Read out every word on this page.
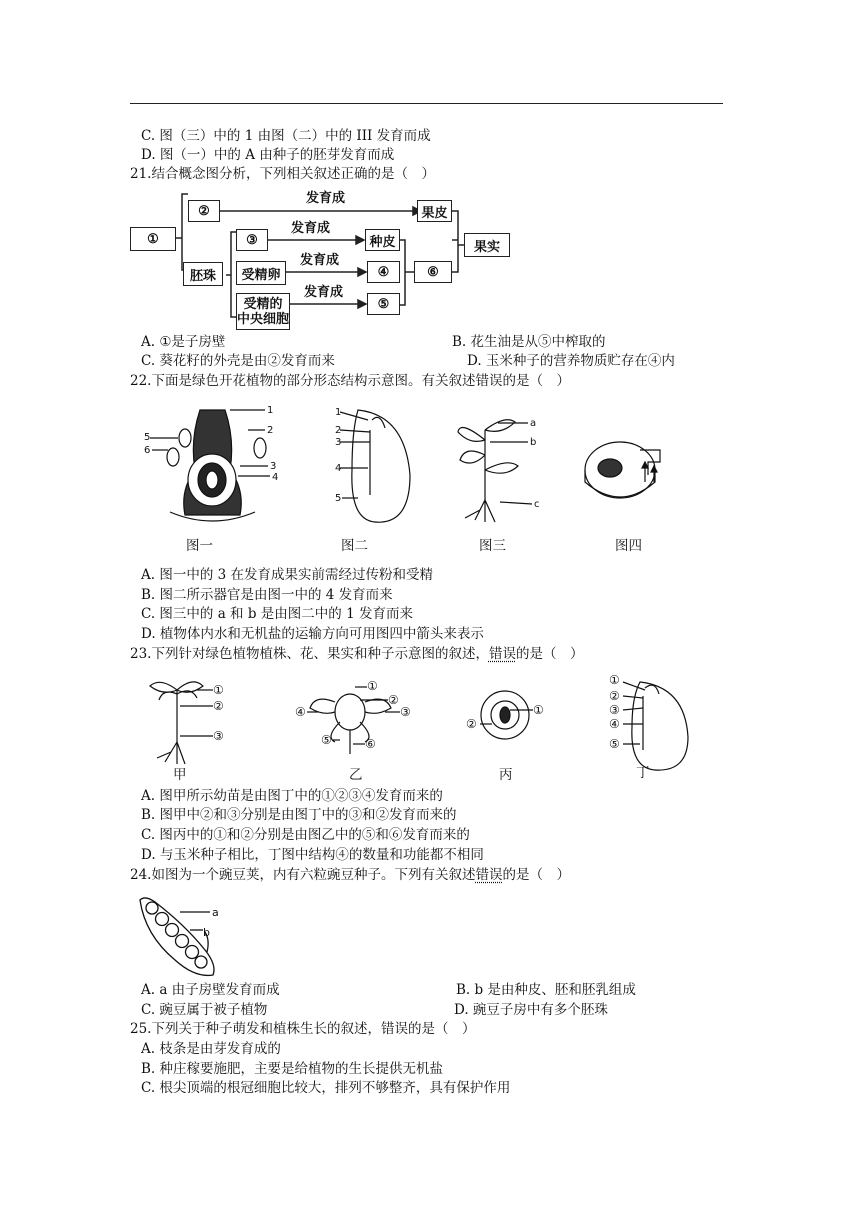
C. 图（三）中的 1 由图（二）中的 III 发育而成
D. 图（一）中的 A 由种子的胚芽发育而成
21.结合概念图分析，下列相关叙述正确的是（　）
①
②
胚珠
③
受精卵
受精的
中央细胞
果皮
种皮
④
⑤
⑥
果实
发育成
发育成
发育成
发育成
A. ①是子房壁	B. 花生油是从⑤中榨取的
C. 葵花籽的外壳是由②发育而来	D. 玉米种子的营养物质贮存在④内
22.下面是绿色开花植物的部分形态结构示意图。有关叙述错误的是（　）
1
2
3
4
5
6
1
2
3
4
5
a
b
c
图一	图二	图三	图四
A. 图一中的 3 在发育成果实前需经过传粉和受精
B. 图二所示器官是由图一中的 4 发育而来
C. 图三中的 a 和 b 是由图二中的 1 发育而来
D. 植物体内水和无机盐的运输方向可用图四中箭头来表示
23.下列针对绿色植物植株、花、果实和种子示意图的叙述，错误的是（　）
①
②
③
①
②
③
④
⑤	⑥
①
②
①
②
③
④
⑤
甲	乙	丙	丁
A. 图甲所示幼苗是由图丁中的①②③④发育而来的
B. 图甲中②和③分别是由图丁中的③和②发育而来的
C. 图丙中的①和②分别是由图乙中的⑤和⑥发育而来的
D. 与玉米种子相比，丁图中结构④的数量和功能都不相同
24.如图为一个豌豆荚，内有六粒豌豆种子。下列有关叙述错误的是（　）
a
b
A. a 由子房壁发育而成	B. b 是由种皮、胚和胚乳组成
C. 豌豆属于被子植物	D. 豌豆子房中有多个胚珠
25.下列关于种子萌发和植株生长的叙述，错误的是（　）
A. 枝条是由芽发育成的
B. 种庄稼要施肥，主要是给植物的生长提供无机盐
C. 根尖顶端的根冠细胞比较大，排列不够整齐，具有保护作用
